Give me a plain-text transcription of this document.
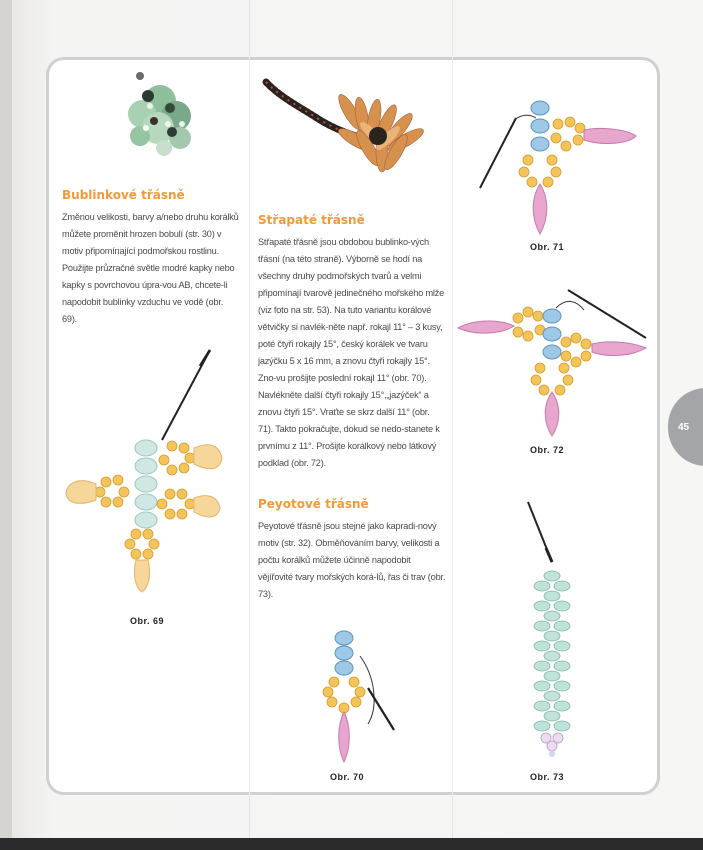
45
Bublinkové třásně
Změnou velikosti, barvy a/nebo druhu korálků můžete proměnit hrozen bobulí (str. 30) v motiv připomínající podmořskou rostlinu. Použijte průzračné světle modré kapky nebo kapky s povrchovou úpra-vou AB, chcete-li napodobit bublinky vzduchu ve vodě (obr. 69).
Obr. 69
Střapaté třásně
Střapaté třásně jsou obdobou bublinko-vých třásní (na této straně). Výborně se hodí na všechny druhy podmořských tvarů a velmi připomínají tvarově jedinečného mořského mlže (viz foto na str. 53). Na tuto variantu korálové větvičky si navlék-něte např. rokajl 11° – 3 kusy, poté čtyři rokajly 15°, český korálek ve tvaru jazýčku 5 x 16 mm, a znovu čtyři rokajly 15°. Zno-vu prošijte poslední rokajl 11° (obr. 70). Navlékněte další čtyři rokajly 15°,„jazýček“ a znovu čtyři 15°. Vraťte se skrz další 11° (obr. 71). Takto pokračujte, dokud se nedo-stanete k prvnímu z 11°. Prošijte korálkový nebo látkový podklad (obr. 72).
Peyotové třásně
Peyotové třásně jsou stejné jako kapradi-nový motiv (str. 32). Obměňováním barvy, velikosti a počtu korálků můžete účinně napodobit vějířovité tvary mořských korá-lů, řas či trav (obr. 73).
Obr. 70
Obr. 71
Obr. 72
Obr. 73
